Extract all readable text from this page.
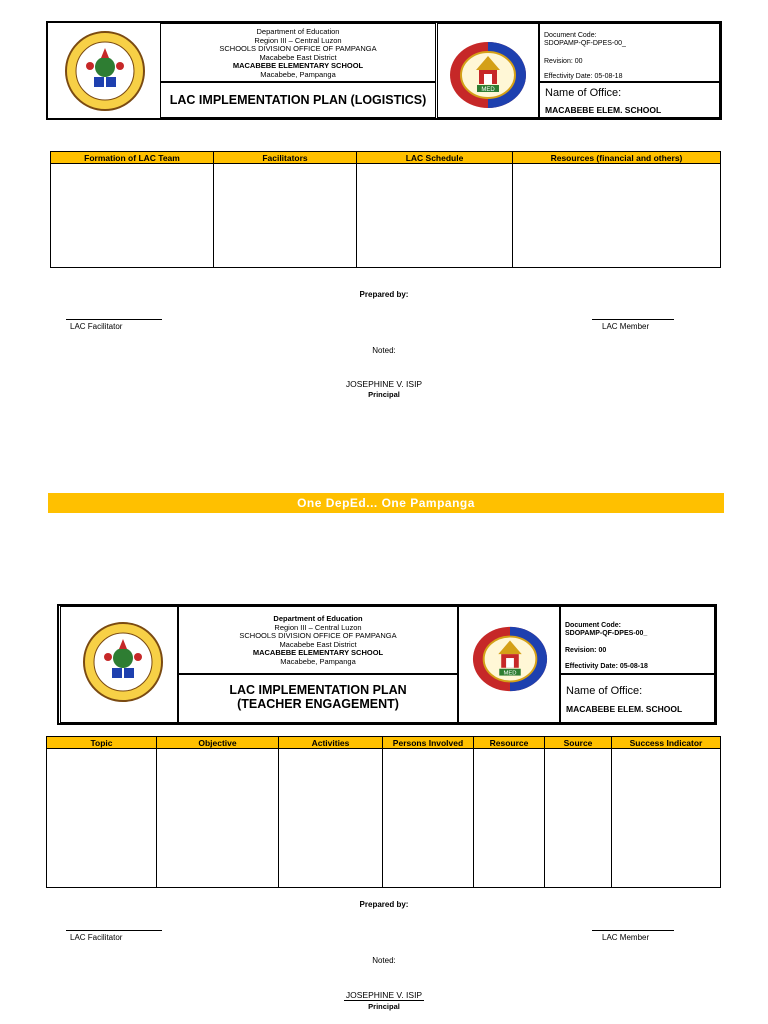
Department of Education
Region III – Central Luzon
SCHOOLS DIVISION OFFICE OF PAMPANGA
Macabebe East District
MACABEBE ELEMENTARY SCHOOL
Macabebe, Pampanga
LAC IMPLEMENTATION PLAN (LOGISTICS)
MED
Document Code:
SDOPAMP-QF-DPES-00_
Revision: 00
Effectivity Date: 05-08-18
Name of Office:
MACABEBE ELEM. SCHOOL
Formation of LAC Team	Facilitators	LAC Schedule	Resources (financial and others)

Prepared by:
LAC Facilitator	LAC Member
Noted:
JOSEPHINE V. ISIP
Principal
One DepEd... One Pampanga
Department of Education
Region III – Central Luzon
SCHOOLS DIVISION OFFICE OF PAMPANGA
Macabebe East District
MACABEBE ELEMENTARY SCHOOL
Macabebe, Pampanga
LAC IMPLEMENTATION PLAN
(TEACHER ENGAGEMENT)
MED
Document Code:
SDOPAMP-QF-DPES-00_
Revision: 00
Effectivity Date: 05-08-18
Name of Office:
MACABEBE ELEM. SCHOOL
Topic	Objective	Activities	Persons Involved	Resource	Source	Success Indicator

Prepared by:
LAC Facilitator	LAC Member
Noted:
JOSEPHINE V. ISIP
Principal
